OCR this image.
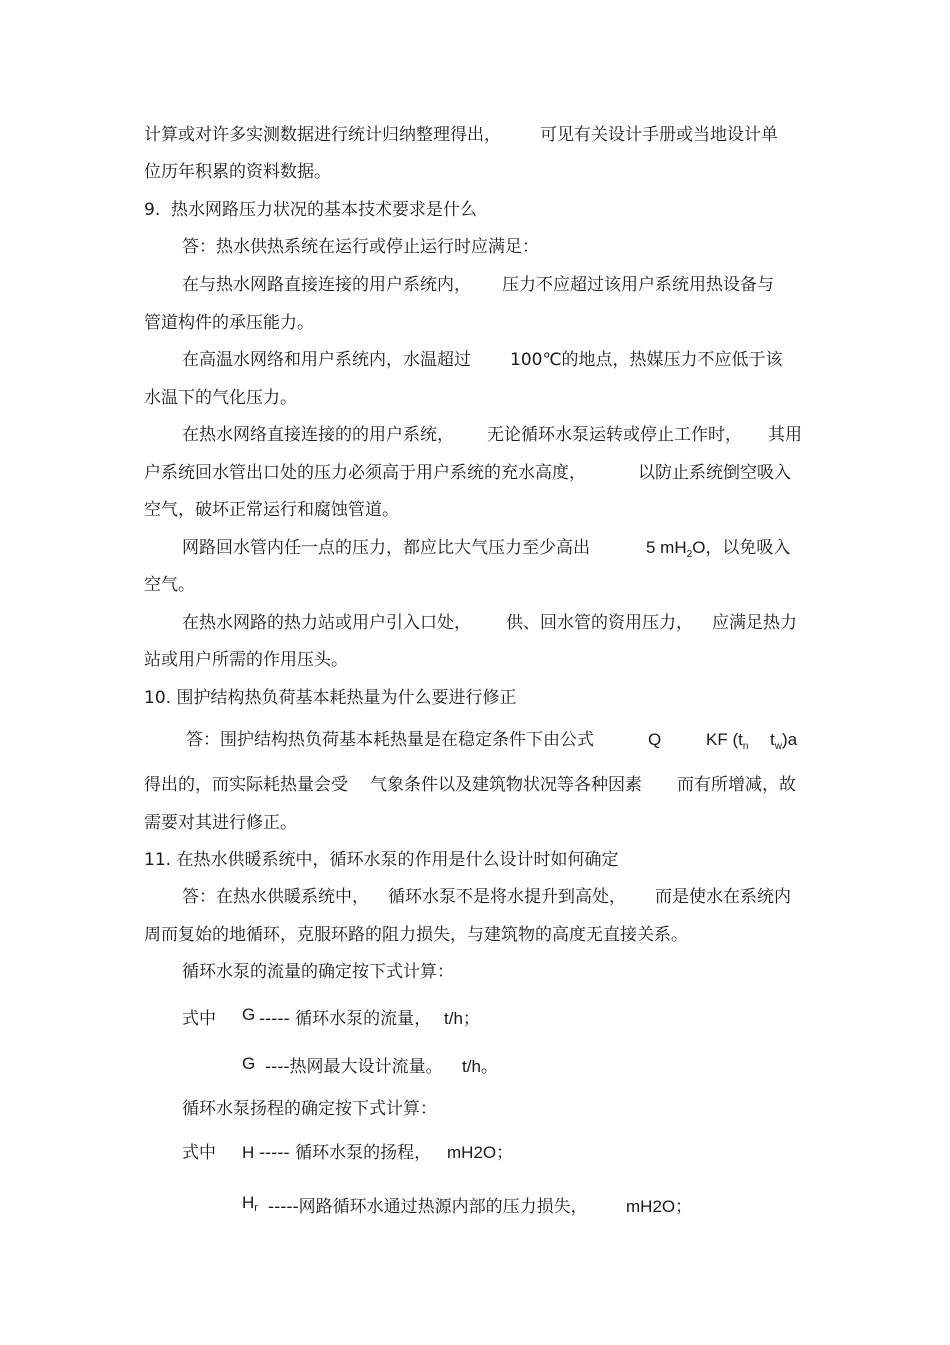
计算或对许多实测数据进行统计归纳整理得出， 可见有关设计手册或当地设计单
位历年积累的资料数据。
9.  热水网路压力状况的基本技术要求是什么
答：热水供热系统在运行或停止运行时应满足：
在与热水网路直接连接的用户系统内， 压力不应超过该用户系统用热设备与
管道构件的承压能力。
在高温水网络和用户系统内，水温超过 100℃的地点，热媒压力不应低于该
水温下的气化压力。
在热水网络直接连接的的用户系统， 无论循环水泵运转或停止工作时， 其用
户系统回水管出口处的压力必须高于用户系统的充水高度，	以防止系统倒空吸入
空气，破坏正常运行和腐蚀管道。
网路回水管内任一点的压力，都应比大气压力至少高出	5 $mH_2O$，以免吸入
空气。
在热水网路的热力站或用户引入口处， 供、回水管的资用压力， 应满足热力
站或用户所需的作用压头。
10. 围护结构热负荷基本耗热量为什么要进行修正
答：围护结构热负荷基本耗热量是在稳定条件下由公式	Q	KF ($t_n$ $t_w)a$
得出的，而实际耗热量会受 气象条件以及建筑物状况等各种因素 而有所增减，故
需要对其进行修正。
11. 在热水供暖系统中，循环水泵的作用是什么设计时如何确定
答：在热水供暖系统中， 循环水泵不是将水提升到高处， 而是使水在系统内
周而复始的地循环，克服环路的阻力损失，与建筑物的高度无直接关系。
循环水泵的流量的确定按下式计算：
式中 G ----- 循环水泵的流量， t/h；
G ----热网最大设计流量。 t/h。
循环水泵扬程的确定按下式计算：
式中 H ----- 循环水泵的扬程， mH2O；
Hr -----网路循环水通过热源内部的压力损失， mH2O；
